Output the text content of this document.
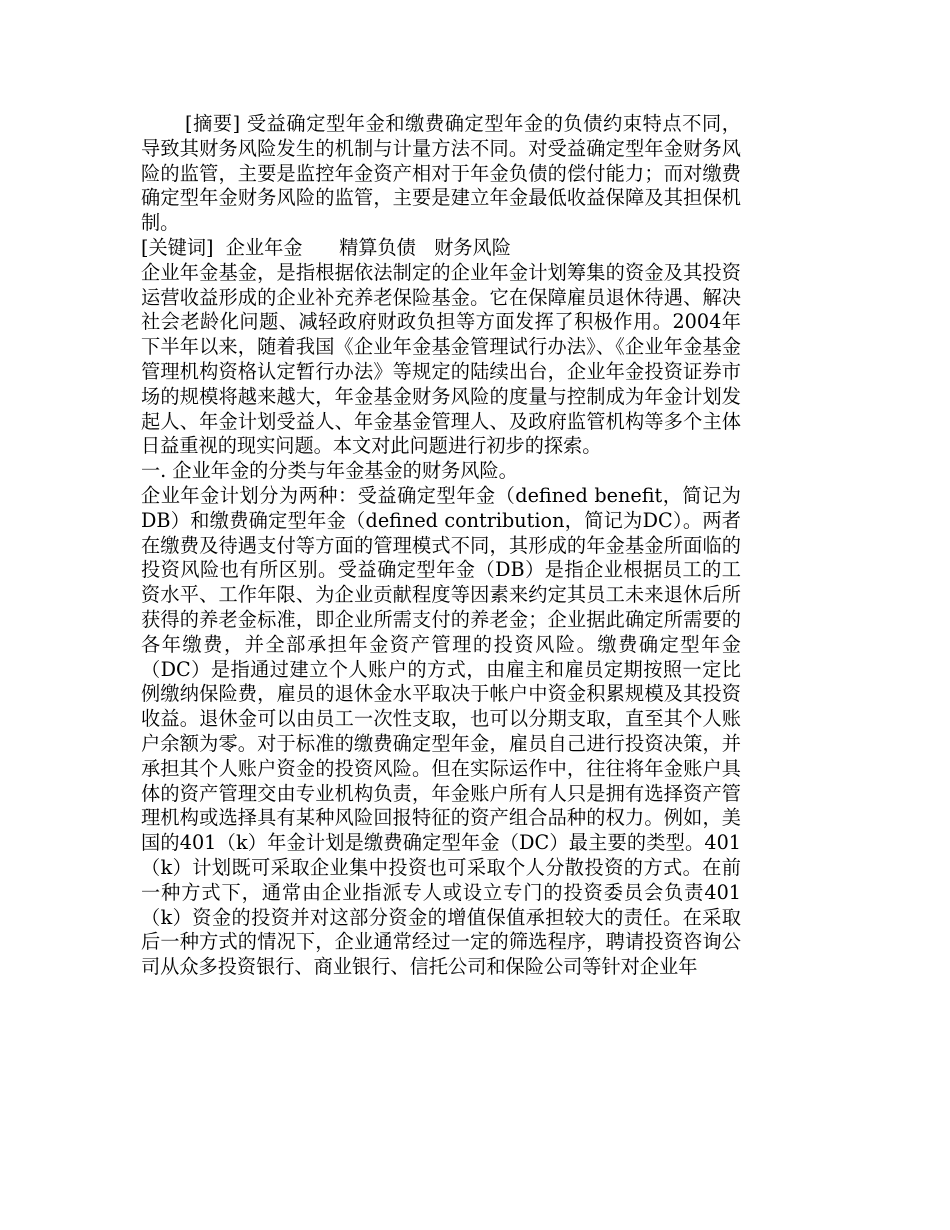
[摘要] 受益确定型年金和缴费确定型年金的负债约束特点不同，导致其财务风险发生的机制与计量方法不同。对受益确定型年金财务风险的监管，主要是监控年金资产相对于年金负债的偿付能力；而对缴费确定型年金财务风险的监管，主要是建立年金最低收益保障及其担保机制。

[关键词] 企业年金 精算负债 财务风险

企业年金基金，是指根据依法制定的企业年金计划筹集的资金及其投资运营收益形成的企业补充养老保险基金。它在保障雇员退休待遇、解决社会老龄化问题、减轻政府财政负担等方面发挥了积极作用。2004年下半年以来，随着我国《企业年金基金管理试行办法》、《企业年金基金管理机构资格认定暂行办法》等规定的陆续出台，企业年金投资证券市场的规模将越来越大，年金基金财务风险的度量与控制成为年金计划发起人、年金计划受益人、年金基金管理人、及政府监管机构等多个主体日益重视的现实问题。本文对此问题进行初步的探索。

一. 企业年金的分类与年金基金的财务风险。

企业年金计划分为两种：受益确定型年金（defined benefit，简记为DB）和缴费确定型年金（defined contribution，简记为DC）。两者在缴费及待遇支付等方面的管理模式不同，其形成的年金基金所面临的投资风险也有所区别。受益确定型年金（DB）是指企业根据员工的工资水平、工作年限、为企业贡献程度等因素来约定其员工未来退休后所获得的养老金标准，即企业所需支付的养老金；企业据此确定所需要的各年缴费，并全部承担年金资产管理的投资风险。缴费确定型年金（DC）是指通过建立个人账户的方式，由雇主和雇员定期按照一定比例缴纳保险费，雇员的退休金水平取决于帐户中资金积累规模及其投资收益。退休金可以由员工一次性支取，也可以分期支取，直至其个人账户余额为零。对于标准的缴费确定型年金，雇员自己进行投资决策，并承担其个人账户资金的投资风险。但在实际运作中，往往将年金账户具体的资产管理交由专业机构负责，年金账户所有人只是拥有选择资产管理机构或选择具有某种风险回报特征的资产组合品种的权力。例如，美国的401（k）年金计划是缴费确定型年金（DC）最主要的类型。401（k）计划既可采取企业集中投资也可采取个人分散投资的方式。在前一种方式下，通常由企业指派专人或设立专门的投资委员会负责401（k）资金的投资并对这部分资金的增值保值承担较大的责任。在采取后一种方式的情况下，企业通常经过一定的筛选程序，聘请投资咨询公司从众多投资银行、商业银行、信托公司和保险公司等针对企业年
